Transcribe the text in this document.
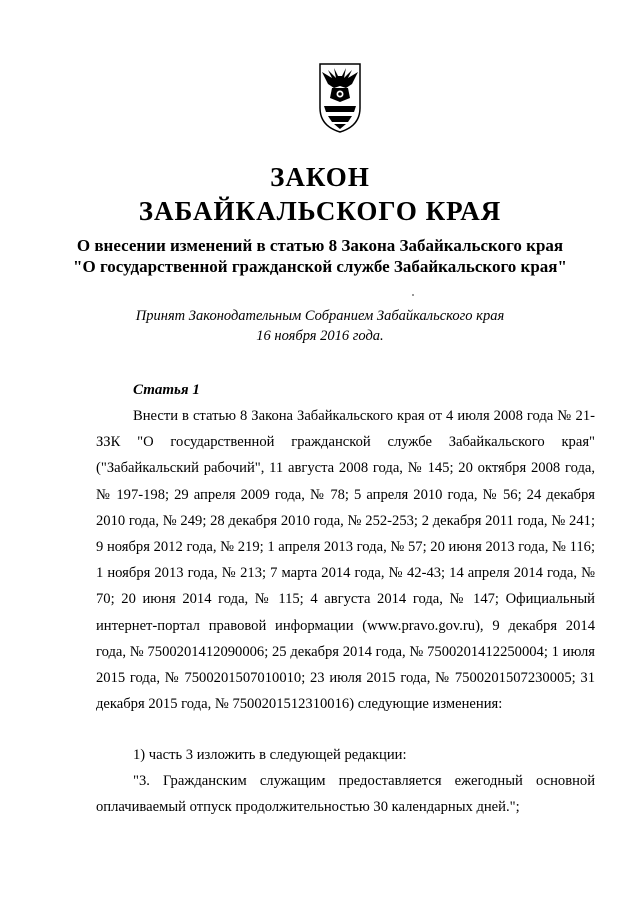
ЗАКОН
ЗАБАЙКАЛЬСКОГО КРАЯ
О внесении изменений в статью 8 Закона Забайкальского края
"О государственной гражданской службе Забайкальского края"
Принят Законодательным Собранием Забайкальского края
16 ноября 2016 года.
Статья 1

Внести в статью 8 Закона Забайкальского края от 4 июля 2008 года № 21-ЗЗК "О государственной гражданской службе Забайкальского края" ("Забайкальский рабочий", 11 августа 2008 года, № 145; 20 октября 2008 года, № 197-198; 29 апреля 2009 года, № 78; 5 апреля 2010 года, № 56; 24 декабря 2010 года, № 249; 28 декабря 2010 года, № 252-253; 2 декабря 2011 года, № 241; 9 ноября 2012 года, № 219; 1 апреля 2013 года, № 57; 20 июня 2013 года, № 116; 1 ноября 2013 года, № 213; 7 марта 2014 года, № 42-43; 14 апреля 2014 года, № 70; 20 июня 2014 года, № 115; 4 августа 2014 года, № 147; Официальный интернет-портал правовой информации (www.pravo.gov.ru), 9 декабря 2014 года, № 7500201412090006; 25 декабря 2014 года, № 7500201412250004; 1 июля 2015 года, № 7500201507010010; 23 июля 2015 года, № 7500201507230005; 31 декабря 2015 года, № 7500201512310016) следующие изменения:

1) часть 3 изложить в следующей редакции:

"3. Гражданским служащим предоставляется ежегодный основной оплачиваемый отпуск продолжительностью 30 календарных дней.";
